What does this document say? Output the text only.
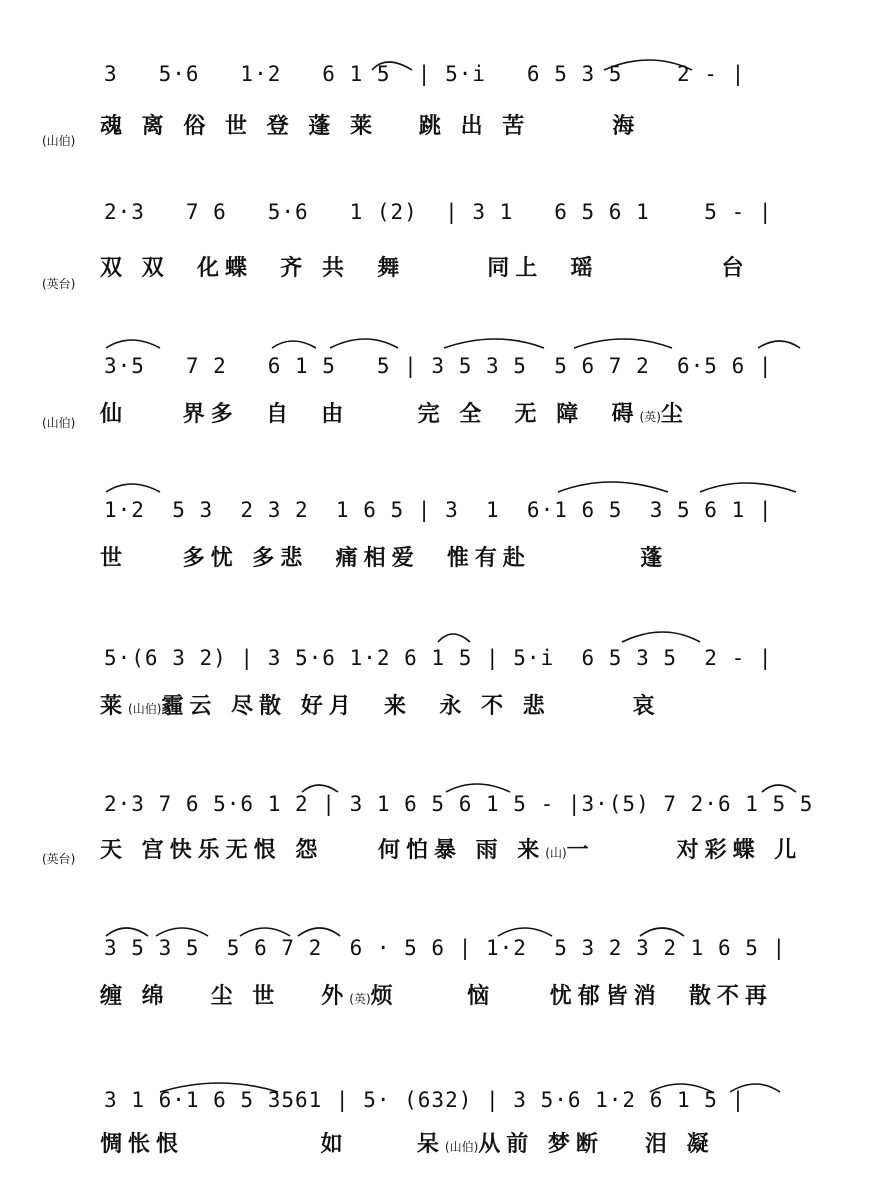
3   5·6   1·2   6 1 5  | 5·i   6 5 3 5    2 - |
(山伯)
魂 离 俗 世 登 蓬 莱   跳 出 苦      海
2·3   7 6   5·6   1 (2)  | 3 1   6 5 6 1    5 - |
(英台)
双 双  化蝶  齐 共  舞      同上  瑶         台
3·5   7 2   6 1 5   5 | 3 5 3 5  5 6 7 2  6·5 6 |
(山伯) 仙    界多  自  由     完 全  无 障  碍(英)尘
1·2  5 3  2 3 2  1 6 5 | 3  1  6·1 6 5  3 5 6 1 |
世    多忧 多悲  痛相爱  惟有赴        蓬
5·(6 3 2) | 3 5·6 1·2 6 1 5 | 5·i  6 5 3 5  2 - |
莱(山伯)霾云 尽散 好月  来  永 不 悲      哀
2·3 7 6 5·6 1 2 | 3 1 6 5 6 1 5 - |3·(5) 7 2·6 1 5 5
(英台) 天 宫快乐无恨 怨    何怕暴 雨 来(山)一      对彩蝶 儿
3 5 3 5  5 6 7 2  6 · 5 6 | 1·2  5 3 2 3 2 1 6 5 |
缠 绵   尘 世   外(英)烦     恼    忧郁皆消  散不再
3 1 6·1 6 5 3561 | 5· (632) | 3 5·6 1·2 6 1 5 |
惆怅恨          如     呆(山伯)从前 梦断   泪 凝
